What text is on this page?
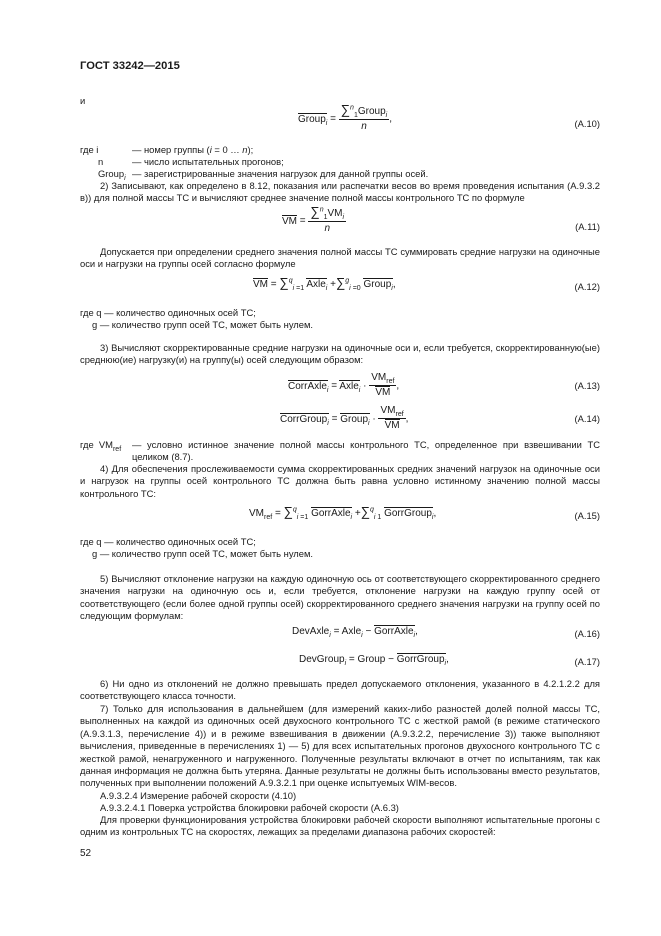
ГОСТ 33242—2015
и
Group$_i$ = $\frac{\sum^n_1Group_i}{n}$ ,	(А.10)
где i	— номер группы (i = 0 … n);
n	— число испытательных прогонов;
Group$_i$ — зарегистрированные значения нагрузок для данной группы осей.
2) Записывают, как определено в 8.12, показания или распечатки весов во время проведения испытания (А.9.3.2 в)) для полной массы ТС и вычисляют среднее значение полной массы контрольного ТС по формуле
VM = $\frac{\sum^n_1VM_i}{n}$	(А.11)
Допускается при определении среднего значения полной массы ТС суммировать средние нагрузки на одиночные оси и нагрузки на группы осей согласно формуле
VM = ∑$^q_{i =1}$ Axle$_i$ +∑$^g_{i =0}$ Group$_i$,	(А.12)
где q — количество одиночных осей ТС;
g — количество групп осей ТС, может быть нулем.
3) Вычисляют скорректированные средние нагрузки на одиночные оси и, если требуется, скорректированную(ые) среднюю(ие) нагрузку(и) на группу(ы) осей следующим образом:
CorrAxle$_i$ = Axle$_i$ · $\frac{VM_{ref}}{VM}$ ,	(А.13)
CorrGroup$_i$ = Group$_i$ · $\frac{VM_{ref}}{VM}$ ,	(А.14)
где $VM_{ref}$ — условно истинное значение полной массы контрольного ТС, определенное при взвешивании ТС целиком (8.7).
4) Для обеспечения прослеживаемости сумма скорректированных средних значений нагрузок на одиночные оси и нагрузок на группы осей контрольного ТС должна быть равна условно истинному значению полной массы контрольного ТС:
$VM_{ref} = \sum^q_{i =1}$ GorrAxle$_i$ +∑$^q_{i 1}$ GorrGroup$_i$,	(А.15)
где q — количество одиночных осей ТС;
g — количество групп осей ТС, может быть нулем.
5) Вычисляют отклонение нагрузки на каждую одиночную ось от соответствующего скорректированного среднего значения нагрузки на одиночную ось и, если требуется, отклонение нагрузки на каждую группу осей от соответствующего (если более одной группы осей) скорректированного среднего значения нагрузки на группу осей по следующим формулам:
DevAxle$_i$ = Axle$_i$ − GorrAxle$_i$,	(А.16)
DevGroup$_i$ = Group − GorrGroup$_i$,	(А.17)
6) Ни одно из отклонений не должно превышать предел допускаемого отклонения, указанного в 4.2.1.2.2 для соответствующего класса точности.
7) Только для использования в дальнейшем (для измерений каких-либо разностей долей полной массы ТС, выполненных на каждой из одиночных осей двухосного контрольного ТС с жесткой рамой (в режиме статического (А.9.3.1.3, перечисление 4)) и в режиме взвешивания в движении (А.9.3.2.2, перечисление 3)) также выполняют вычисления, приведенные в перечислениях 1) — 5) для всех испытательных прогонов двухосного контрольного ТС с жесткой рамой, ненагруженного и нагруженного. Полученные результаты включают в отчет по испытаниям, так как данная информация не должна быть утеряна. Данные результаты не должны быть использованы вместо результатов, полученных при выполнении положений А.9.3.2.1 при оценке испытуемых WIM-весов.
А.9.3.2.4 Измерение рабочей скорости (4.10)
А.9.3.2.4.1 Поверка устройства блокировки рабочей скорости (А.6.3)
Для проверки функционирования устройства блокировки рабочей скорости выполняют испытательные прогоны с одним из контрольных ТС на скоростях, лежащих за пределами диапазона рабочих скоростей:
52
